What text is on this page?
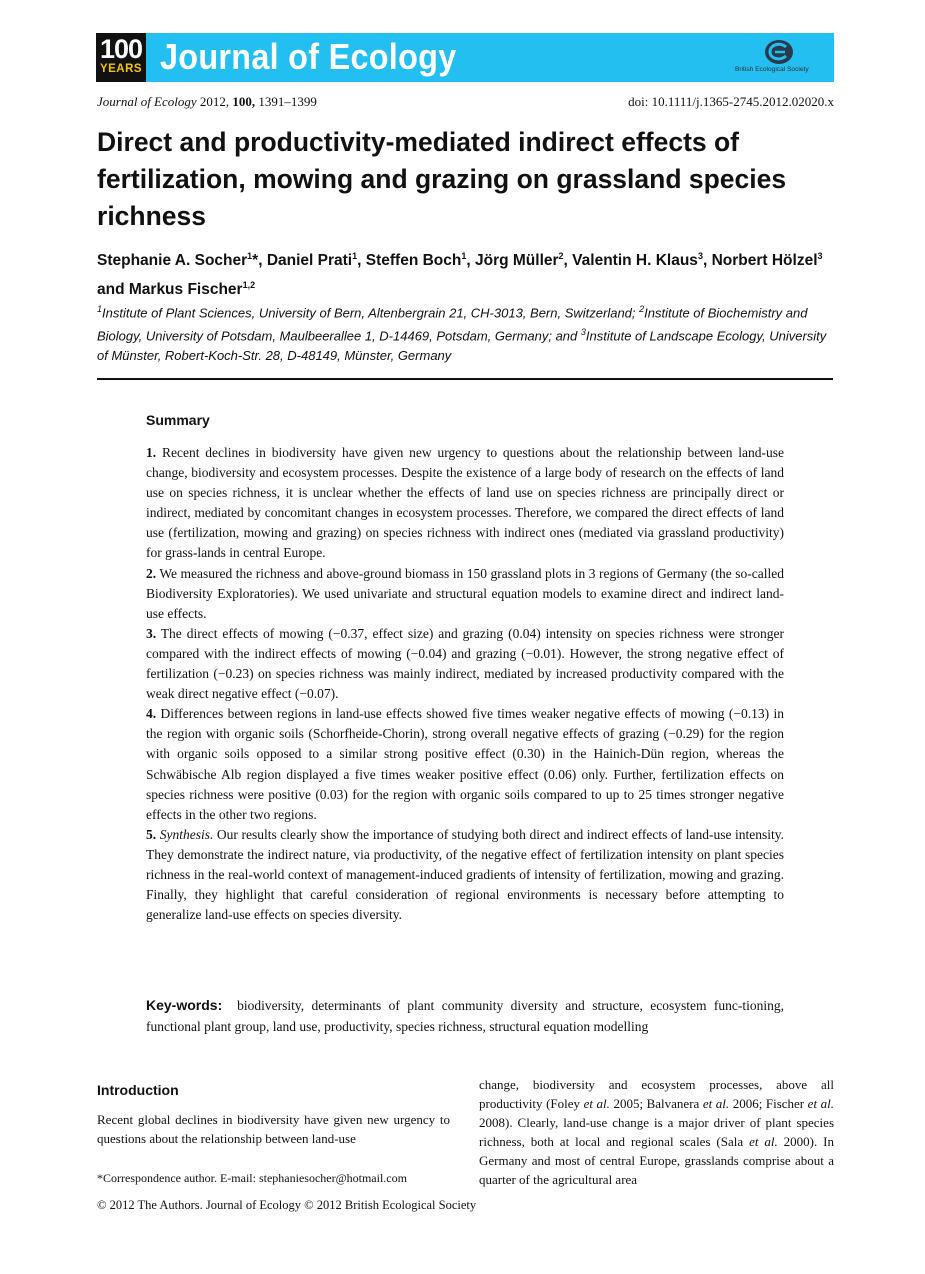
100
YEARS Journal of Ecology	British Ecological Society
Journal of Ecology 2012, 100, 1391–1399	doi: 10.1111/j.1365-2745.2012.02020.x
Direct and productivity-mediated indirect effects of fertilization, mowing and grazing on grassland species richness
Stephanie A. Socher$^1$*, Daniel Prati$^1$, Steffen Boch$^1$, Jörg Müller$^2$, Valentin H. Klaus$^3$, Norbert Hölzel$^3$ and Markus Fischer$^{1,2}$
$^1$Institute of Plant Sciences, University of Bern, Altenbergrain 21, CH-3013, Bern, Switzerland; $^2$Institute of Biochemistry and Biology, University of Potsdam, Maulbeerallee 1, D-14469, Potsdam, Germany; and $^3$Institute of Landscape Ecology, University of Münster, Robert-Koch-Str. 28, D-48149, Münster, Germany
Summary

1. Recent declines in biodiversity have given new urgency to questions about the relationship between land-use change, biodiversity and ecosystem processes. Despite the existence of a large body of research on the effects of land use on species richness, it is unclear whether the effects of land use on species richness are principally direct or indirect, mediated by concomitant changes in ecosystem processes. Therefore, we compared the direct effects of land use (fertilization, mowing and grazing) on species richness with indirect ones (mediated via grassland productivity) for grass-lands in central Europe.

2. We measured the richness and above-ground biomass in 150 grassland plots in 3 regions of Germany (the so-called Biodiversity Exploratories). We used univariate and structural equation models to examine direct and indirect land-use effects.

3. The direct effects of mowing (−0.37, effect size) and grazing (0.04) intensity on species richness were stronger compared with the indirect effects of mowing (−0.04) and grazing (−0.01). However, the strong negative effect of fertilization (−0.23) on species richness was mainly indirect, mediated by increased productivity compared with the weak direct negative effect (−0.07).

4. Differences between regions in land-use effects showed five times weaker negative effects of mowing (−0.13) in the region with organic soils (Schorfheide-Chorin), strong overall negative effects of grazing (−0.29) for the region with organic soils opposed to a similar strong positive effect (0.30) in the Hainich-Dün region, whereas the Schwäbische Alb region displayed a five times weaker positive effect (0.06) only. Further, fertilization effects on species richness were positive (0.03) for the region with organic soils compared to up to 25 times stronger negative effects in the other two regions.

5. Synthesis. Our results clearly show the importance of studying both direct and indirect effects of land-use intensity. They demonstrate the indirect nature, via productivity, of the negative effect of fertilization intensity on plant species richness in the real-world context of management-induced gradients of intensity of fertilization, mowing and grazing. Finally, they highlight that careful consideration of regional environments is necessary before attempting to generalize land-use effects on species diversity.

Key-words: biodiversity, determinants of plant community diversity and structure, ecosystem func-tioning, functional plant group, land use, productivity, species richness, structural equation modelling
Introduction
Recent global declines in biodiversity have given new urgency to questions about the relationship between land-use
change, biodiversity and ecosystem processes, above all productivity (Foley et al. 2005; Balvanera et al. 2006; Fischer et al. 2008). Clearly, land-use change is a major driver of plant species richness, both at local and regional scales (Sala et al. 2000). In Germany and most of central Europe, grasslands comprise about a quarter of the agricultural area
*Correspondence author. E-mail: stephaniesocher@hotmail.com
© 2012 The Authors. Journal of Ecology © 2012 British Ecological Society
